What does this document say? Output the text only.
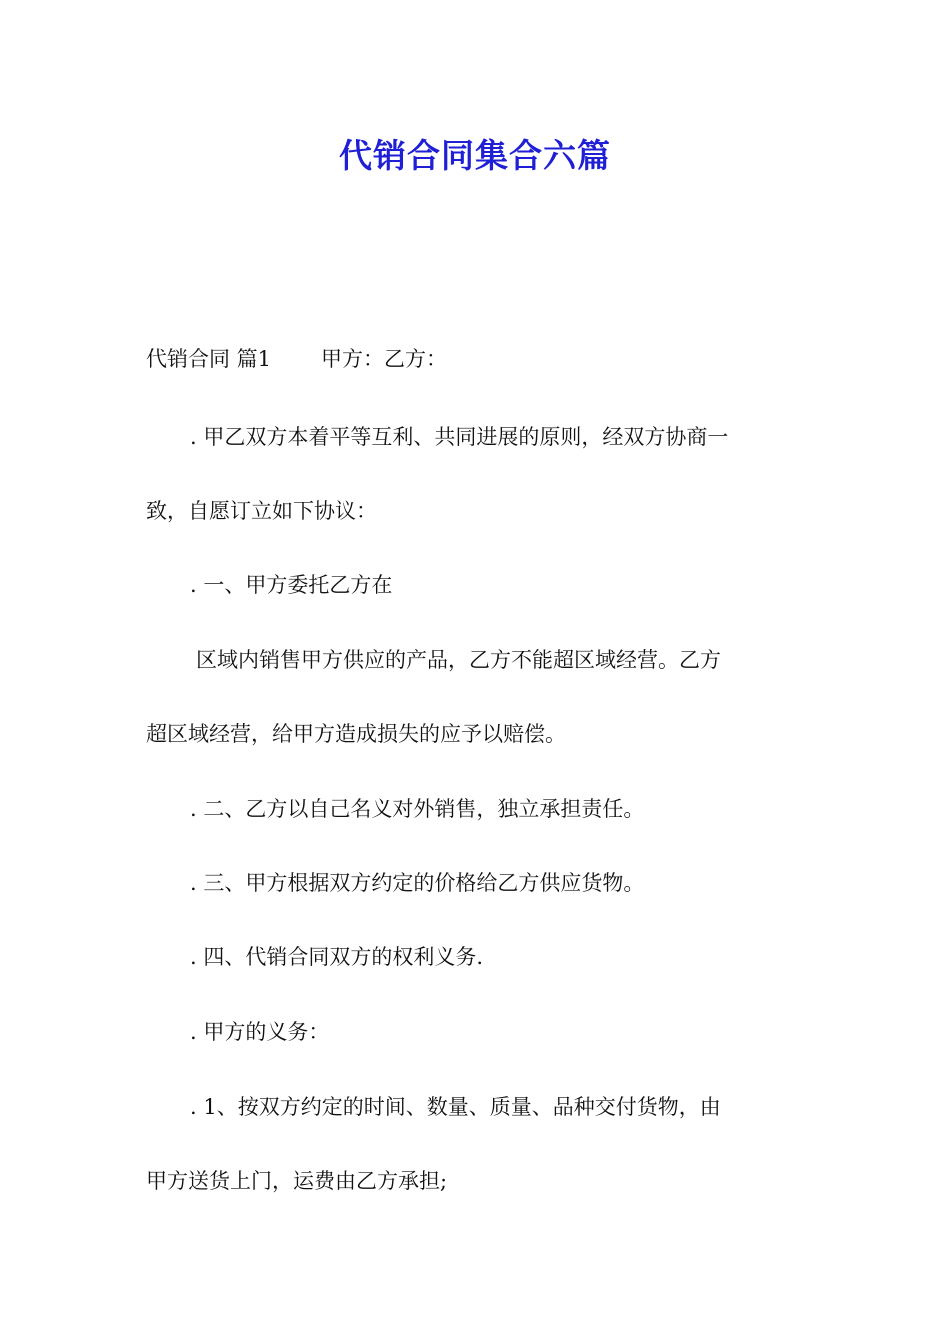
代销合同集合六篇

代销合同 篇1 甲方：乙方：

. 甲乙双方本着平等互利、共同进展的原则，经双方协商一

致，自愿订立如下协议：

. 一、甲方委托乙方在

区域内销售甲方供应的产品，乙方不能超区域经营。乙方

超区域经营，给甲方造成损失的应予以赔偿。

. 二、乙方以自己名义对外销售，独立承担责任。

. 三、甲方根据双方约定的价格给乙方供应货物。

. 四、代销合同双方的权利义务.

. 甲方的义务：

. 1、按双方约定的时间、数量、质量、品种交付货物，由

甲方送货上门，运费由乙方承担;
